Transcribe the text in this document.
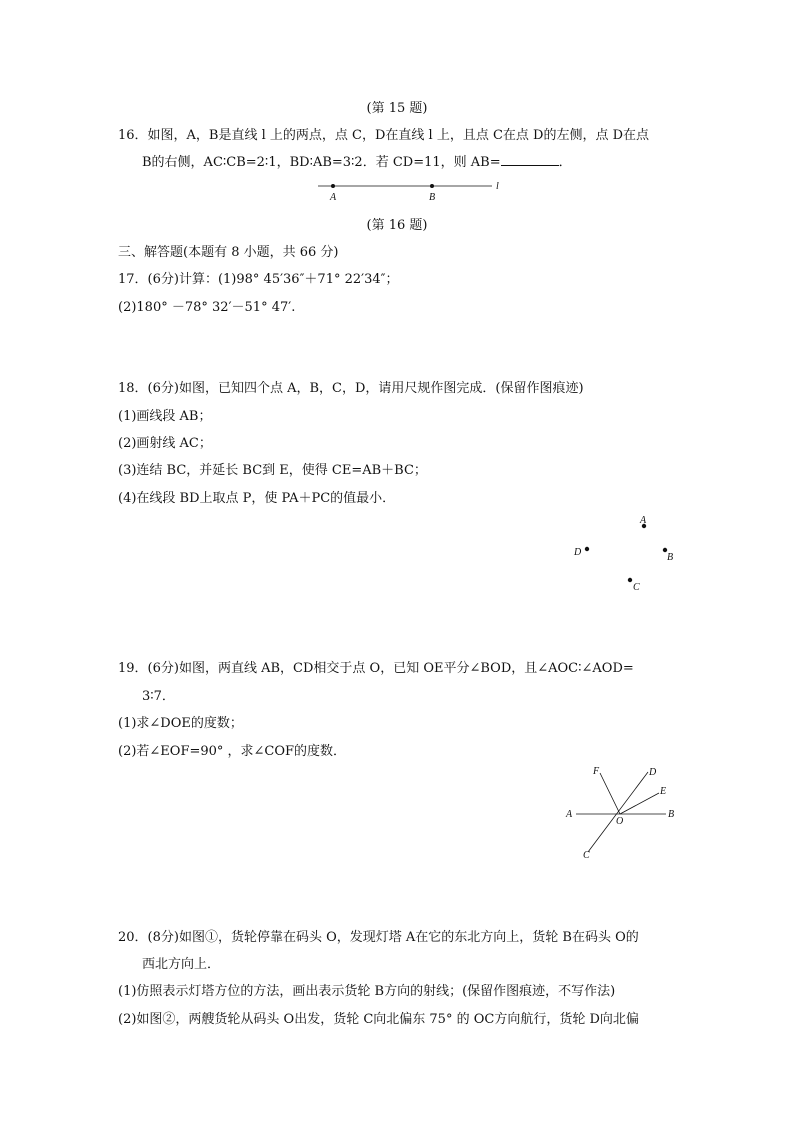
(第 15 题)
16．如图，A，B是直线 l 上的两点，点 C，D在直线 l 上，且点 C在点 D的左侧，点 D在点
B的右侧，AC∶CB=2∶1，BD∶AB=3∶2．若 CD=11，则 AB=	．
A	B
l
(第 16 题)
三、解答题(本题有 8 小题，共 66 分)
17．(6分)计算：(1)98° 45′36″＋71° 22′34″；
(2)180° －78° 32′－51° 47′.
18．(6分)如图，已知四个点 A，B，C，D，请用尺规作图完成．(保留作图痕迹)
(1)画线段 AB；
(2)画射线 AC；
(3)连结 BC，并延长 BC到 E，使得 CE=AB＋BC；
(4)在线段 BD上取点 P，使 PA＋PC的值最小．
A
B
C
D
19．(6分)如图，两直线 AB，CD相交于点 O，已知 OE平分∠BOD，且∠AOC∶∠AOD=
3∶7．
(1)求∠DOE的度数；
(2)若∠EOF=90° ，求∠COF的度数．
A	B
C
D
E
F
O
20．(8分)如图①，货轮停靠在码头 O，发现灯塔 A在它的东北方向上，货轮 B在码头 O的
西北方向上．
(1)仿照表示灯塔方位的方法，画出表示货轮 B方向的射线；(保留作图痕迹，不写作法)
(2)如图②，两艘货轮从码头 O出发，货轮 C向北偏东 75° 的 OC方向航行，货轮 D向北偏
